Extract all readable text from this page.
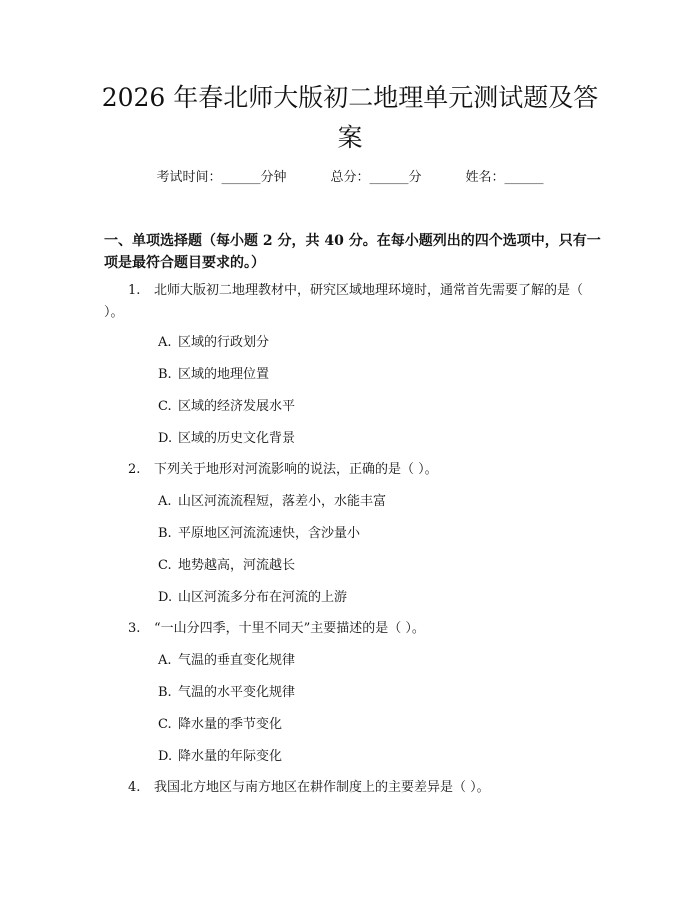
2026 年春北师大版初二地理单元测试题及答案
考试时间：______分钟	总分：______分	姓名：______
一、单项选择题（每小题 2 分，共 40 分。在每小题列出的四个选项中，只有一项是最符合题目要求的。）
1. 北师大版初二地理教材中，研究区域地理环境时，通常首先需要了解的是（ ）。
A. 区域的行政划分
B. 区域的地理位置
C. 区域的经济发展水平
D. 区域的历史文化背景
2. 下列关于地形对河流影响的说法，正确的是（ ）。
A. 山区河流流程短，落差小，水能丰富
B. 平原地区河流流速快，含沙量小
C. 地势越高，河流越长
D. 山区河流多分布在河流的上游
3. “一山分四季，十里不同天”主要描述的是（ ）。
A. 气温的垂直变化规律
B. 气温的水平变化规律
C. 降水量的季节变化
D. 降水量的年际变化
4. 我国北方地区与南方地区在耕作制度上的主要差异是（ ）。
